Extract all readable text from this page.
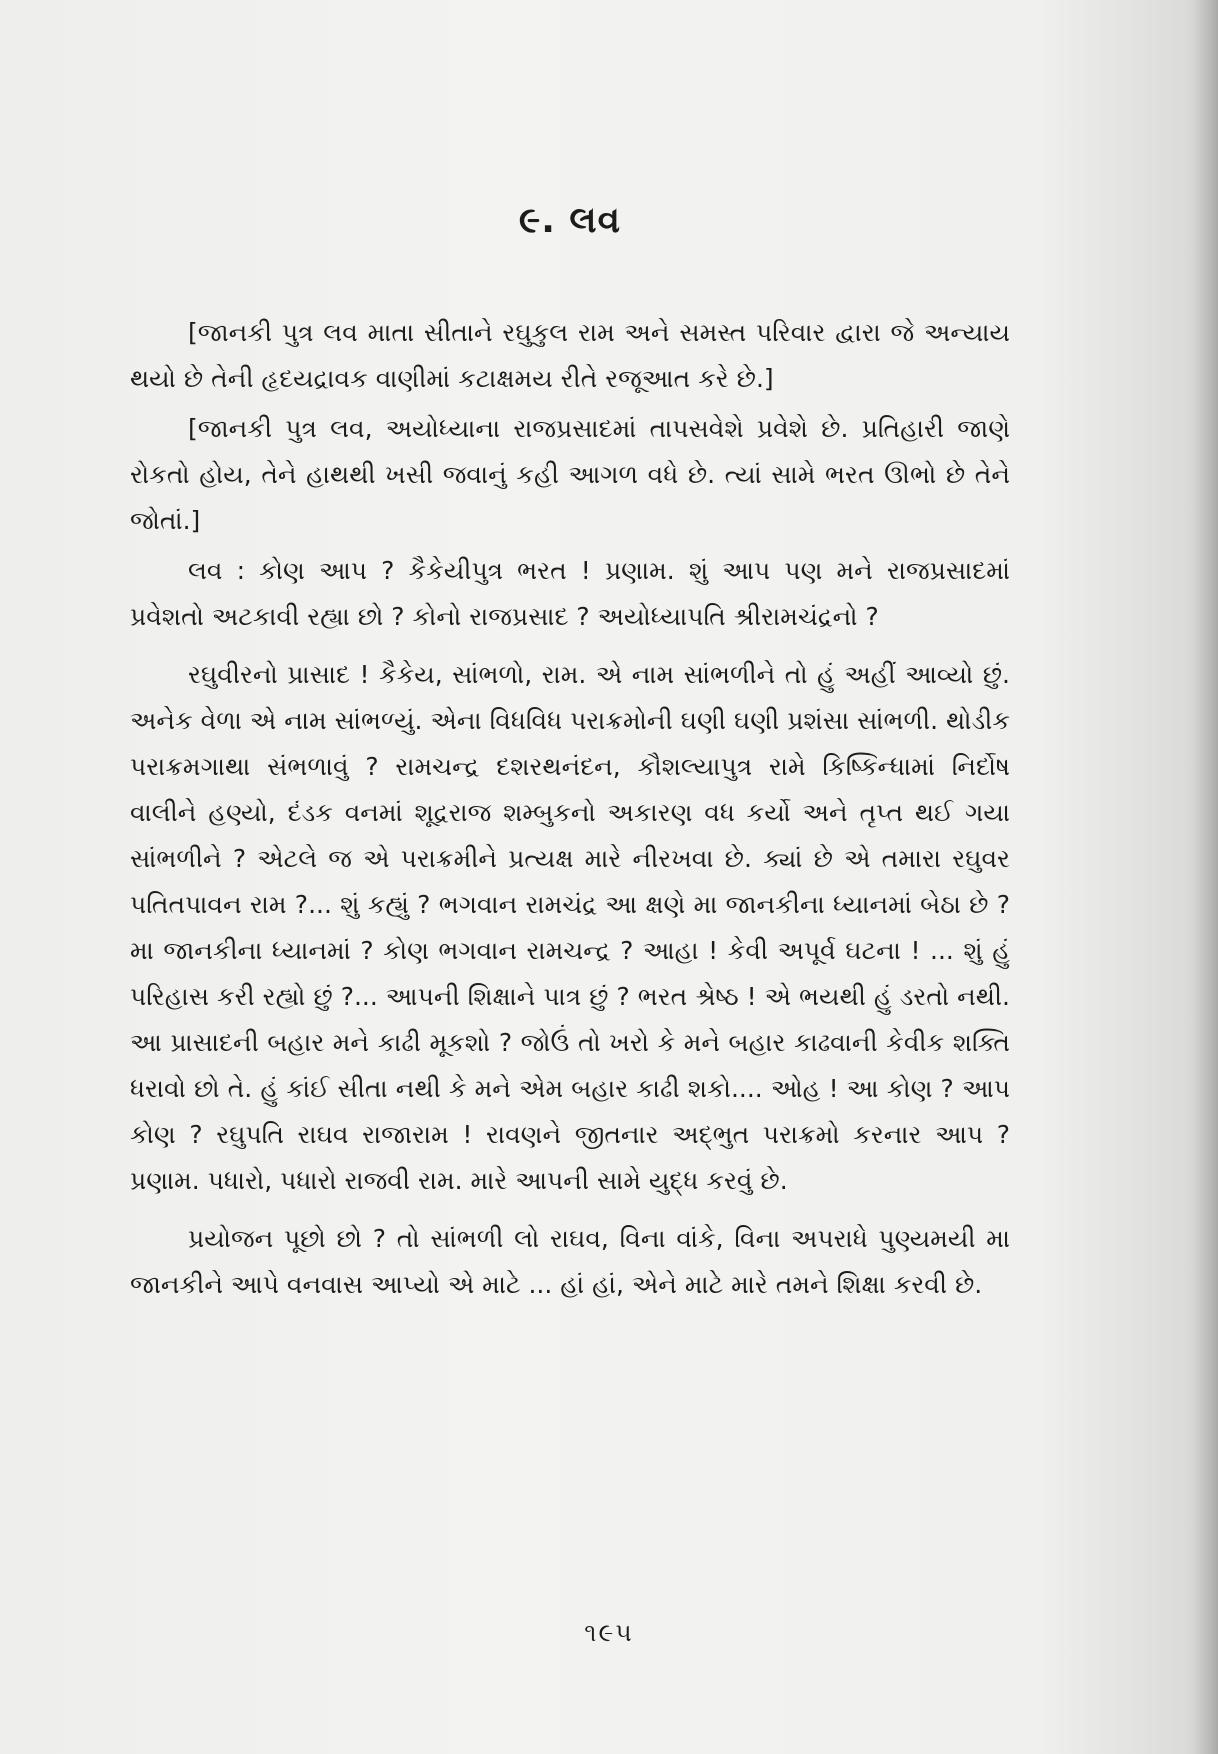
૯. લવ

[જાનકી પુત્ર લવ માતા સીતાને રઘુકુલ રામ અને સમસ્ત પરિવાર દ્વારા જે અન્યાય થયો છે તેની હૃદયદ્રાવક વાણીમાં કટાક્ષમય રીતે રજૂઆત કરે છે.]

[જાનકી પુત્ર લવ, અયોધ્યાના રાજપ્રસાદમાં તાપસવેશે પ્રવેશે છે. પ્રતિહારી જાણે રોકતો હોય, તેને હાથથી ખસી જવાનું કહી આગળ વધે છે. ત્યાં સામે ભરત ઊભો છે તેને જોતાં.]

લવ : કોણ આપ ? કૈકેયીપુત્ર ભરત ! પ્રણામ. શું આપ પણ મને રાજપ્રસાદમાં પ્રવેશતો અટકાવી રહ્યા છો ? કોનો રાજપ્રસાદ ? અયોધ્યાપતિ શ્રીરામચંદ્રનો ?

રઘુવીરનો પ્રાસાદ ! કૈકેય, સાંભળો, રામ. એ નામ સાંભળીને તો હું અહીં આવ્યો છું. અનેક વેળા એ નામ સાંભળ્યું. એના વિધવિધ પરાક્રમોની ઘણી ઘણી પ્રશંસા સાંભળી. થોડીક પરાક્રમગાથા સંભળાવું ? રામચન્દ્ર દશરથનંદન, કૌશલ્યાપુત્ર રામે કિષ્કિન્ધામાં નિર્દોષ વાલીને હણ્યો, દંડક વનમાં શૂદ્રરાજ શમ્બુકનો અકારણ વધ કર્યો અને તૃપ્ત થઈ ગયા સાંભળીને ? એટલે જ એ પરાક્રમીને પ્રત્યક્ષ મારે નીરખવા છે. ક્યાં છે એ તમારા રઘુવર પતિતપાવન રામ ?... શું કહ્યું ? ભગવાન રામચંદ્ર આ ક્ષણે મા જાનકીના ધ્યાનમાં બેઠા છે ? મા જાનકીના ધ્યાનમાં ? કોણ ભગવાન રામચન્દ્ર ? આહા ! કેવી અપૂર્વ ઘટના ! ... શું હું પરિહાસ કરી રહ્યો છું ?... આપની શિક્ષાને પાત્ર છું ? ભરત શ્રેષ્ઠ ! એ ભયથી હું ડરતો નથી. આ પ્રાસાદની બહાર મને કાઢી મૂકશો ? જોઉં તો ખરો કે મને બહાર કાઢવાની કેવીક શક્તિ ધરાવો છો તે. હું કાંઈ સીતા નથી કે મને એમ બહાર કાઢી શકો.... ઓહ ! આ કોણ ? આપ કોણ ? રઘુપતિ રાઘવ રાજારામ ! રાવણને જીતનાર અદ્ભુત પરાક્રમો કરનાર આપ ? પ્રણામ. પધારો, પધારો રાજવી રામ. મારે આપની સામે યુદ્ધ કરવું છે.

પ્રયોજન પૂછો છો ? તો સાંભળી લો રાઘવ, વિના વાંકે, વિના અપરાધે પુણ્યમયી મા જાનકીને આપે વનવાસ આપ્યો એ માટે ... હાં હાં, એને માટે મારે તમને શિક્ષા કરવી છે.

૧૯૫
